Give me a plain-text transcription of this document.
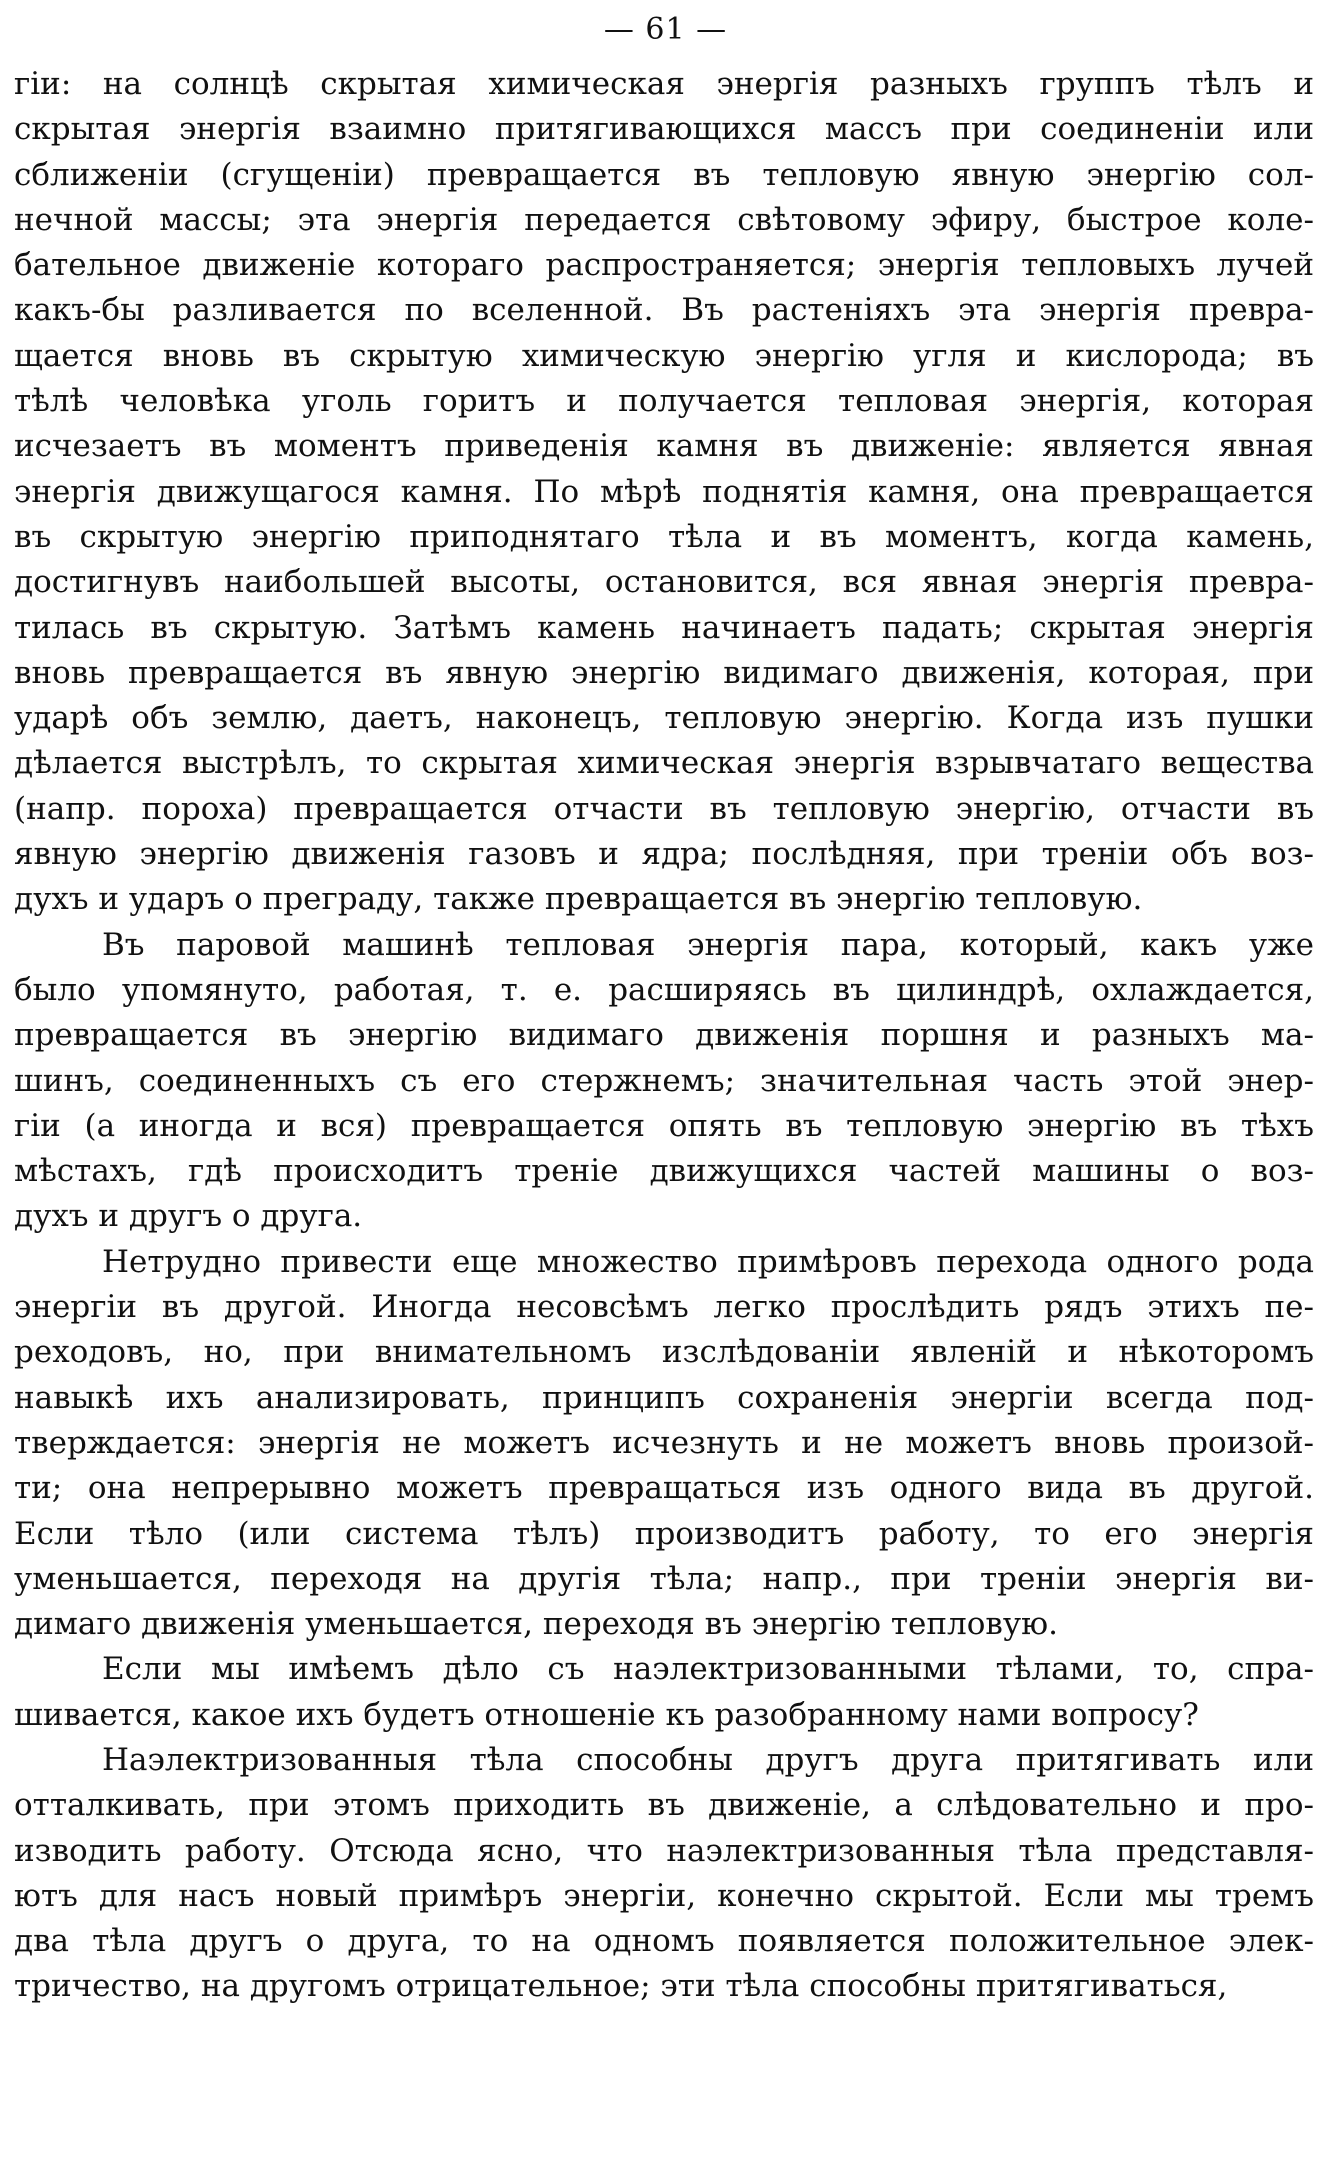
— 61 —
гіи: на солнцѣ скрытая химическая энергія разныхъ группъ тѣлъ и
скрытая энергія взаимно притягивающихся массъ при соединеніи или
сближеніи (сгущеніи) превращается въ тепловую явную энергію сол-
нечной массы; эта энергія передается свѣтовому эфиру, быстрое коле-
бательное движеніе котораго распространяется; энергія тепловыхъ лучей
какъ-бы разливается по вселенной. Въ растеніяхъ эта энергія превра-
щается вновь въ скрытую химическую энергію угля и кислорода; въ
тѣлѣ человѣка уголь горитъ и получается тепловая энергія, которая
исчезаетъ въ моментъ приведенія камня въ движеніе: является явная
энергія движущагося камня. По мѣрѣ поднятія камня, она превращается
въ скрытую энергію приподнятаго тѣла и въ моментъ, когда камень,
достигнувъ наибольшей высоты, остановится, вся явная энергія превра-
тилась въ скрытую. Затѣмъ камень начинаетъ падать; скрытая энергія
вновь превращается въ явную энергію видимаго движенія, которая, при
ударѣ объ землю, даетъ, наконецъ, тепловую энергію. Когда изъ пушки
дѣлается выстрѣлъ, то скрытая химическая энергія взрывчатаго вещества
(напр. пороха) превращается отчасти въ тепловую энергію, отчасти въ
явную энергію движенія газовъ и ядра; послѣдняя, при треніи объ воз-
духъ и ударъ о преграду, также превращается въ энергію тепловую.
Въ паровой машинѣ тепловая энергія пара, который, какъ уже
было упомянуто, работая, т. е. расширяясь въ цилиндрѣ, охлаждается,
превращается въ энергію видимаго движенія поршня и разныхъ ма-
шинъ, соединенныхъ съ его стержнемъ; значительная часть этой энер-
гіи (а иногда и вся) превращается опять въ тепловую энергію въ тѣхъ
мѣстахъ, гдѣ происходитъ треніе движущихся частей машины о воз-
духъ и другъ о друга.
Нетрудно привести еще множество примѣровъ перехода одного рода
энергіи въ другой. Иногда несовсѣмъ легко прослѣдить рядъ этихъ пе-
реходовъ, но, при внимательномъ изслѣдованіи явленій и нѣкоторомъ
навыкѣ ихъ анализировать, принципъ сохраненія энергіи всегда под-
тверждается: энергія не можетъ исчезнуть и не можетъ вновь произой-
ти; она непрерывно можетъ превращаться изъ одного вида въ другой.
Если тѣло (или система тѣлъ) производитъ работу, то его энергія
уменьшается, переходя на другія тѣла; напр., при треніи энергія ви-
димаго движенія уменьшается, переходя въ энергію тепловую.
Если мы имѣемъ дѣло съ наэлектризованными тѣлами, то, спра-
шивается, какое ихъ будетъ отношеніе къ разобранному нами вопросу?
Наэлектризованныя тѣла способны другъ друга притягивать или
отталкивать, при этомъ приходить въ движеніе, а слѣдовательно и про-
изводить работу. Отсюда ясно, что наэлектризованныя тѣла представля-
ютъ для насъ новый примѣръ энергіи, конечно скрытой. Если мы тремъ
два тѣла другъ о друга, то на одномъ появляется положительное элек-
тричество, на другомъ отрицательное; эти тѣла способны притягиваться,
